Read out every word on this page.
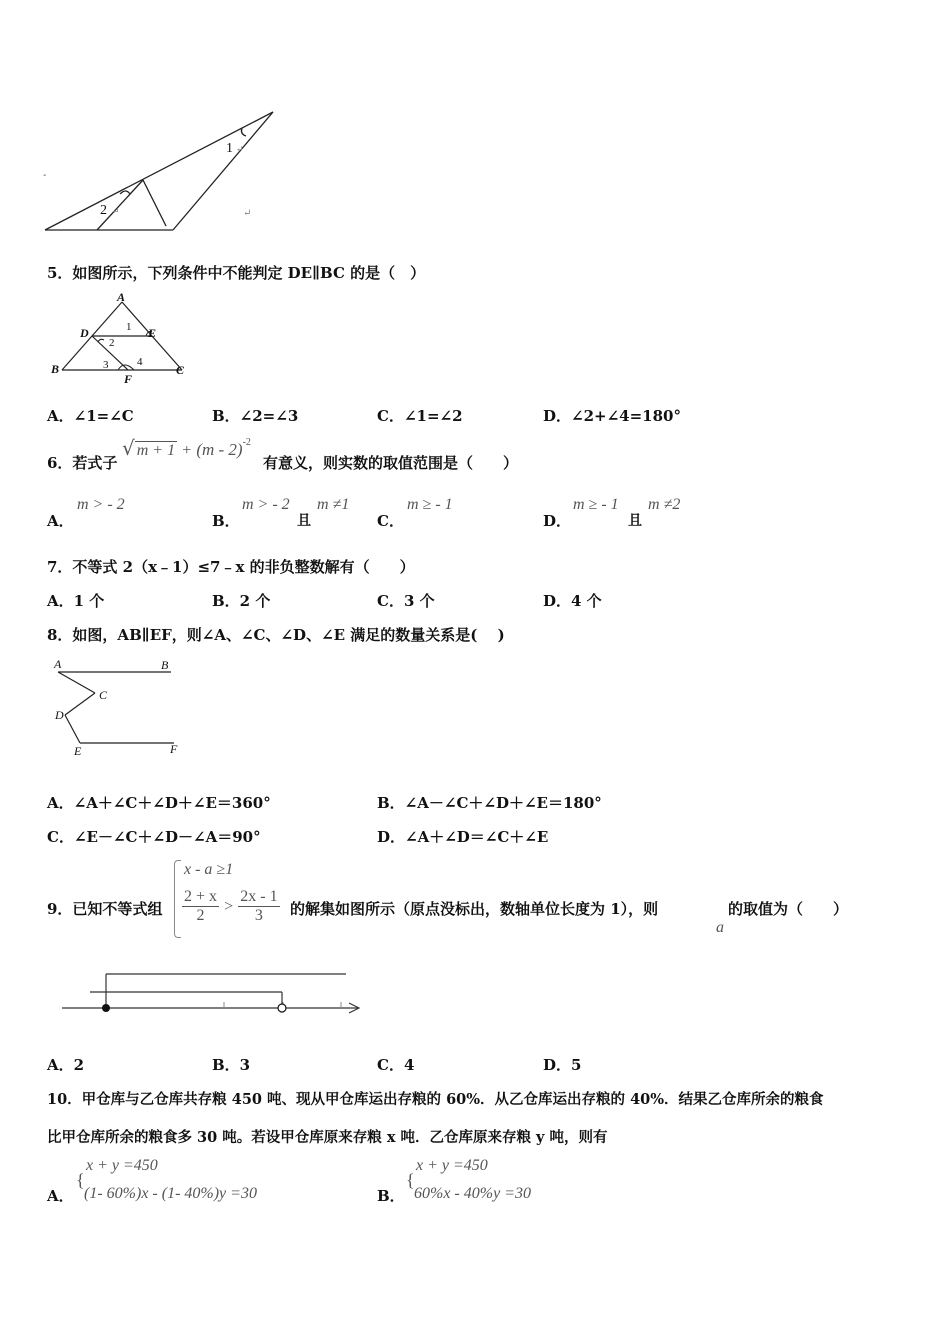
1
2
↵
↵
-
↵
5．如图所示，下列条件中不能判定 DE∥BC 的是（　）
A
B	C
D	E
F
1
2
3	4
A．∠1=∠C	B．∠2=∠3	C．∠1=∠2	D．∠2+∠4=180°
6．若式子
√ m + 1 + (m - 2)$^{-2}$
有意义，则实数的取值范围是（　　）
A．
m > - 2
B．
m > - 2
且
m ≠1
C．
m ≥ - 1
D．
m ≥ - 1
且
m ≠2
7．不等式 2（x﹣1）≤7﹣x 的非负整数解有（　　）
A．1 个	B．2 个	C．3 个	D．4 个
8．如图，AB∥EF，则∠A、∠C、∠D、∠E 满足的数量关系是(　 )
A	B
C
D
E	F
A．∠A＋∠C＋∠D＋∠E＝360°	B．∠A－∠C＋∠D＋∠E＝180°
C．∠E－∠C＋∠D－∠A＝90°	D．∠A＋∠D＝∠C＋∠E
9．已知不等式组
x - a ≥1
$\frac{2 + x}{2} > \frac{2x - 1}{3}$ 的解集如图所示（原点没标出，数轴单位长度为 1），则
a
的取值为（　　）
A．2	B．3	C．4	D．5
10．甲仓库与乙仓库共存粮 450 吨、现从甲仓库运出存粮的 60%．从乙仓库运出存粮的 40%．结果乙仓库所余的粮食
比甲仓库所余的粮食多 30 吨。若设甲仓库原来存粮 x 吨．乙仓库原来存粮 y 吨，则有
A．
{
x + y =450
(1- 60%)x - (1- 40%)y =30	B．
{
x + y =450
60%x - 40%y =30
